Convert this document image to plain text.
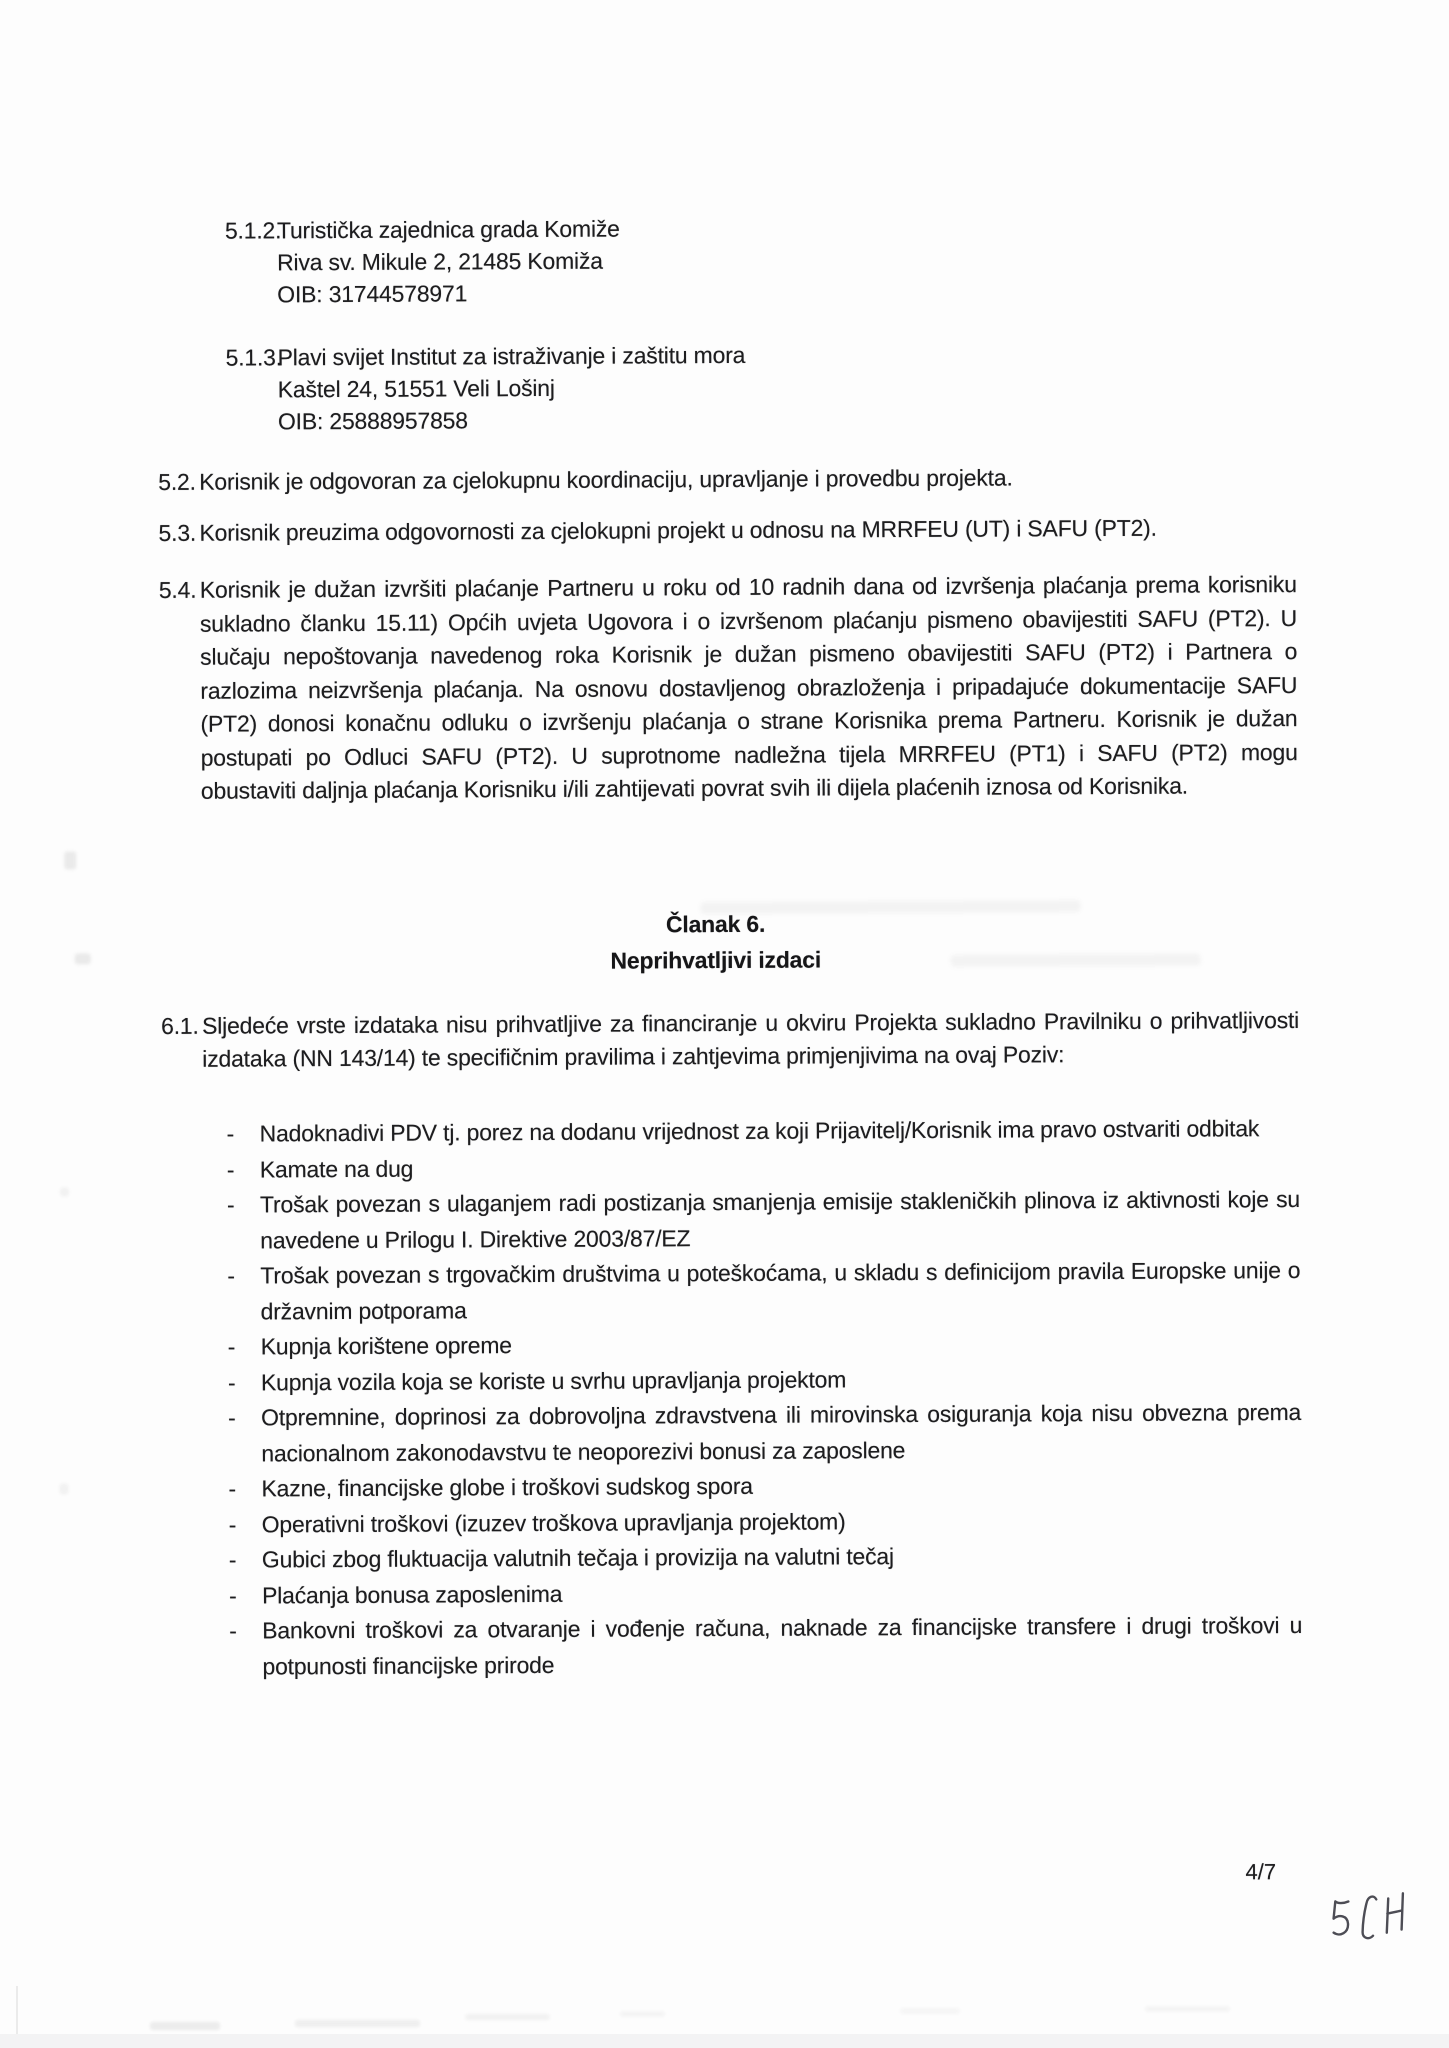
5.1.2.
Turistička zajednica grada Komiže
Riva sv. Mikule 2, 21485 Komiža
OIB: 31744578971
5.1.3.
Plavi svijet Institut za istraživanje i zaštitu mora
Kaštel 24, 51551 Veli Lošinj
OIB: 25888957858
5.2. Korisnik je odgovoran za cjelokupnu koordinaciju, upravljanje i provedbu projekta.
5.3. Korisnik preuzima odgovornosti za cjelokupni projekt u odnosu na MRRFEU (UT) i SAFU (PT2).
5.4. Korisnik je dužan izvršiti plaćanje Partneru u roku od 10 radnih dana od izvršenja plaćanja prema korisniku sukladno članku 15.11) Općih uvjeta Ugovora i o izvršenom plaćanju pismeno obavijestiti SAFU (PT2). U slučaju nepoštovanja navedenog roka Korisnik je dužan pismeno obavijestiti SAFU (PT2) i Partnera o razlozima neizvršenja plaćanja. Na osnovu dostavljenog obrazloženja i pripadajuće dokumentacije SAFU (PT2) donosi konačnu odluku o izvršenju plaćanja o strane Korisnika prema Partneru. Korisnik je dužan postupati po Odluci SAFU (PT2). U suprotnome nadležna tijela MRRFEU (PT1) i SAFU (PT2) mogu obustaviti daljnja plaćanja Korisniku i/ili zahtijevati povrat svih ili dijela plaćenih iznosa od Korisnika.
Članak 6.
Neprihvatljivi izdaci
6.1. Sljedeće vrste izdataka nisu prihvatljive za financiranje u okviru Projekta sukladno Pravilniku o prihvatljivosti izdataka (NN 143/14) te specifičnim pravilima i zahtjevima primjenjivima na ovaj Poziv:
-	Nadoknadivi PDV tj. porez na dodanu vrijednost za koji Prijavitelj/Korisnik ima pravo ostvariti odbitak
-	Kamate na dug
-	Trošak povezan s ulaganjem radi postizanja smanjenja emisije stakleničkih plinova iz aktivnosti koje su navedene u Prilogu I. Direktive 2003/87/EZ
-	Trošak povezan s trgovačkim društvima u poteškoćama, u skladu s definicijom pravila Europske unije o državnim potporama
-	Kupnja korištene opreme
-	Kupnja vozila koja se koriste u svrhu upravljanja projektom
-	Otpremnine, doprinosi za dobrovoljna zdravstvena ili mirovinska osiguranja koja nisu obvezna prema nacionalnom zakonodavstvu te neoporezivi bonusi za zaposlene
-	Kazne, financijske globe i troškovi sudskog spora
-	Operativni troškovi (izuzev troškova upravljanja projektom)
-	Gubici zbog fluktuacija valutnih tečaja i provizija na valutni tečaj
-	Plaćanja bonusa zaposlenima
-	Bankovni troškovi za otvaranje i vođenje računa, naknade za financijske transfere i drugi troškovi u potpunosti financijske prirode
4/7
